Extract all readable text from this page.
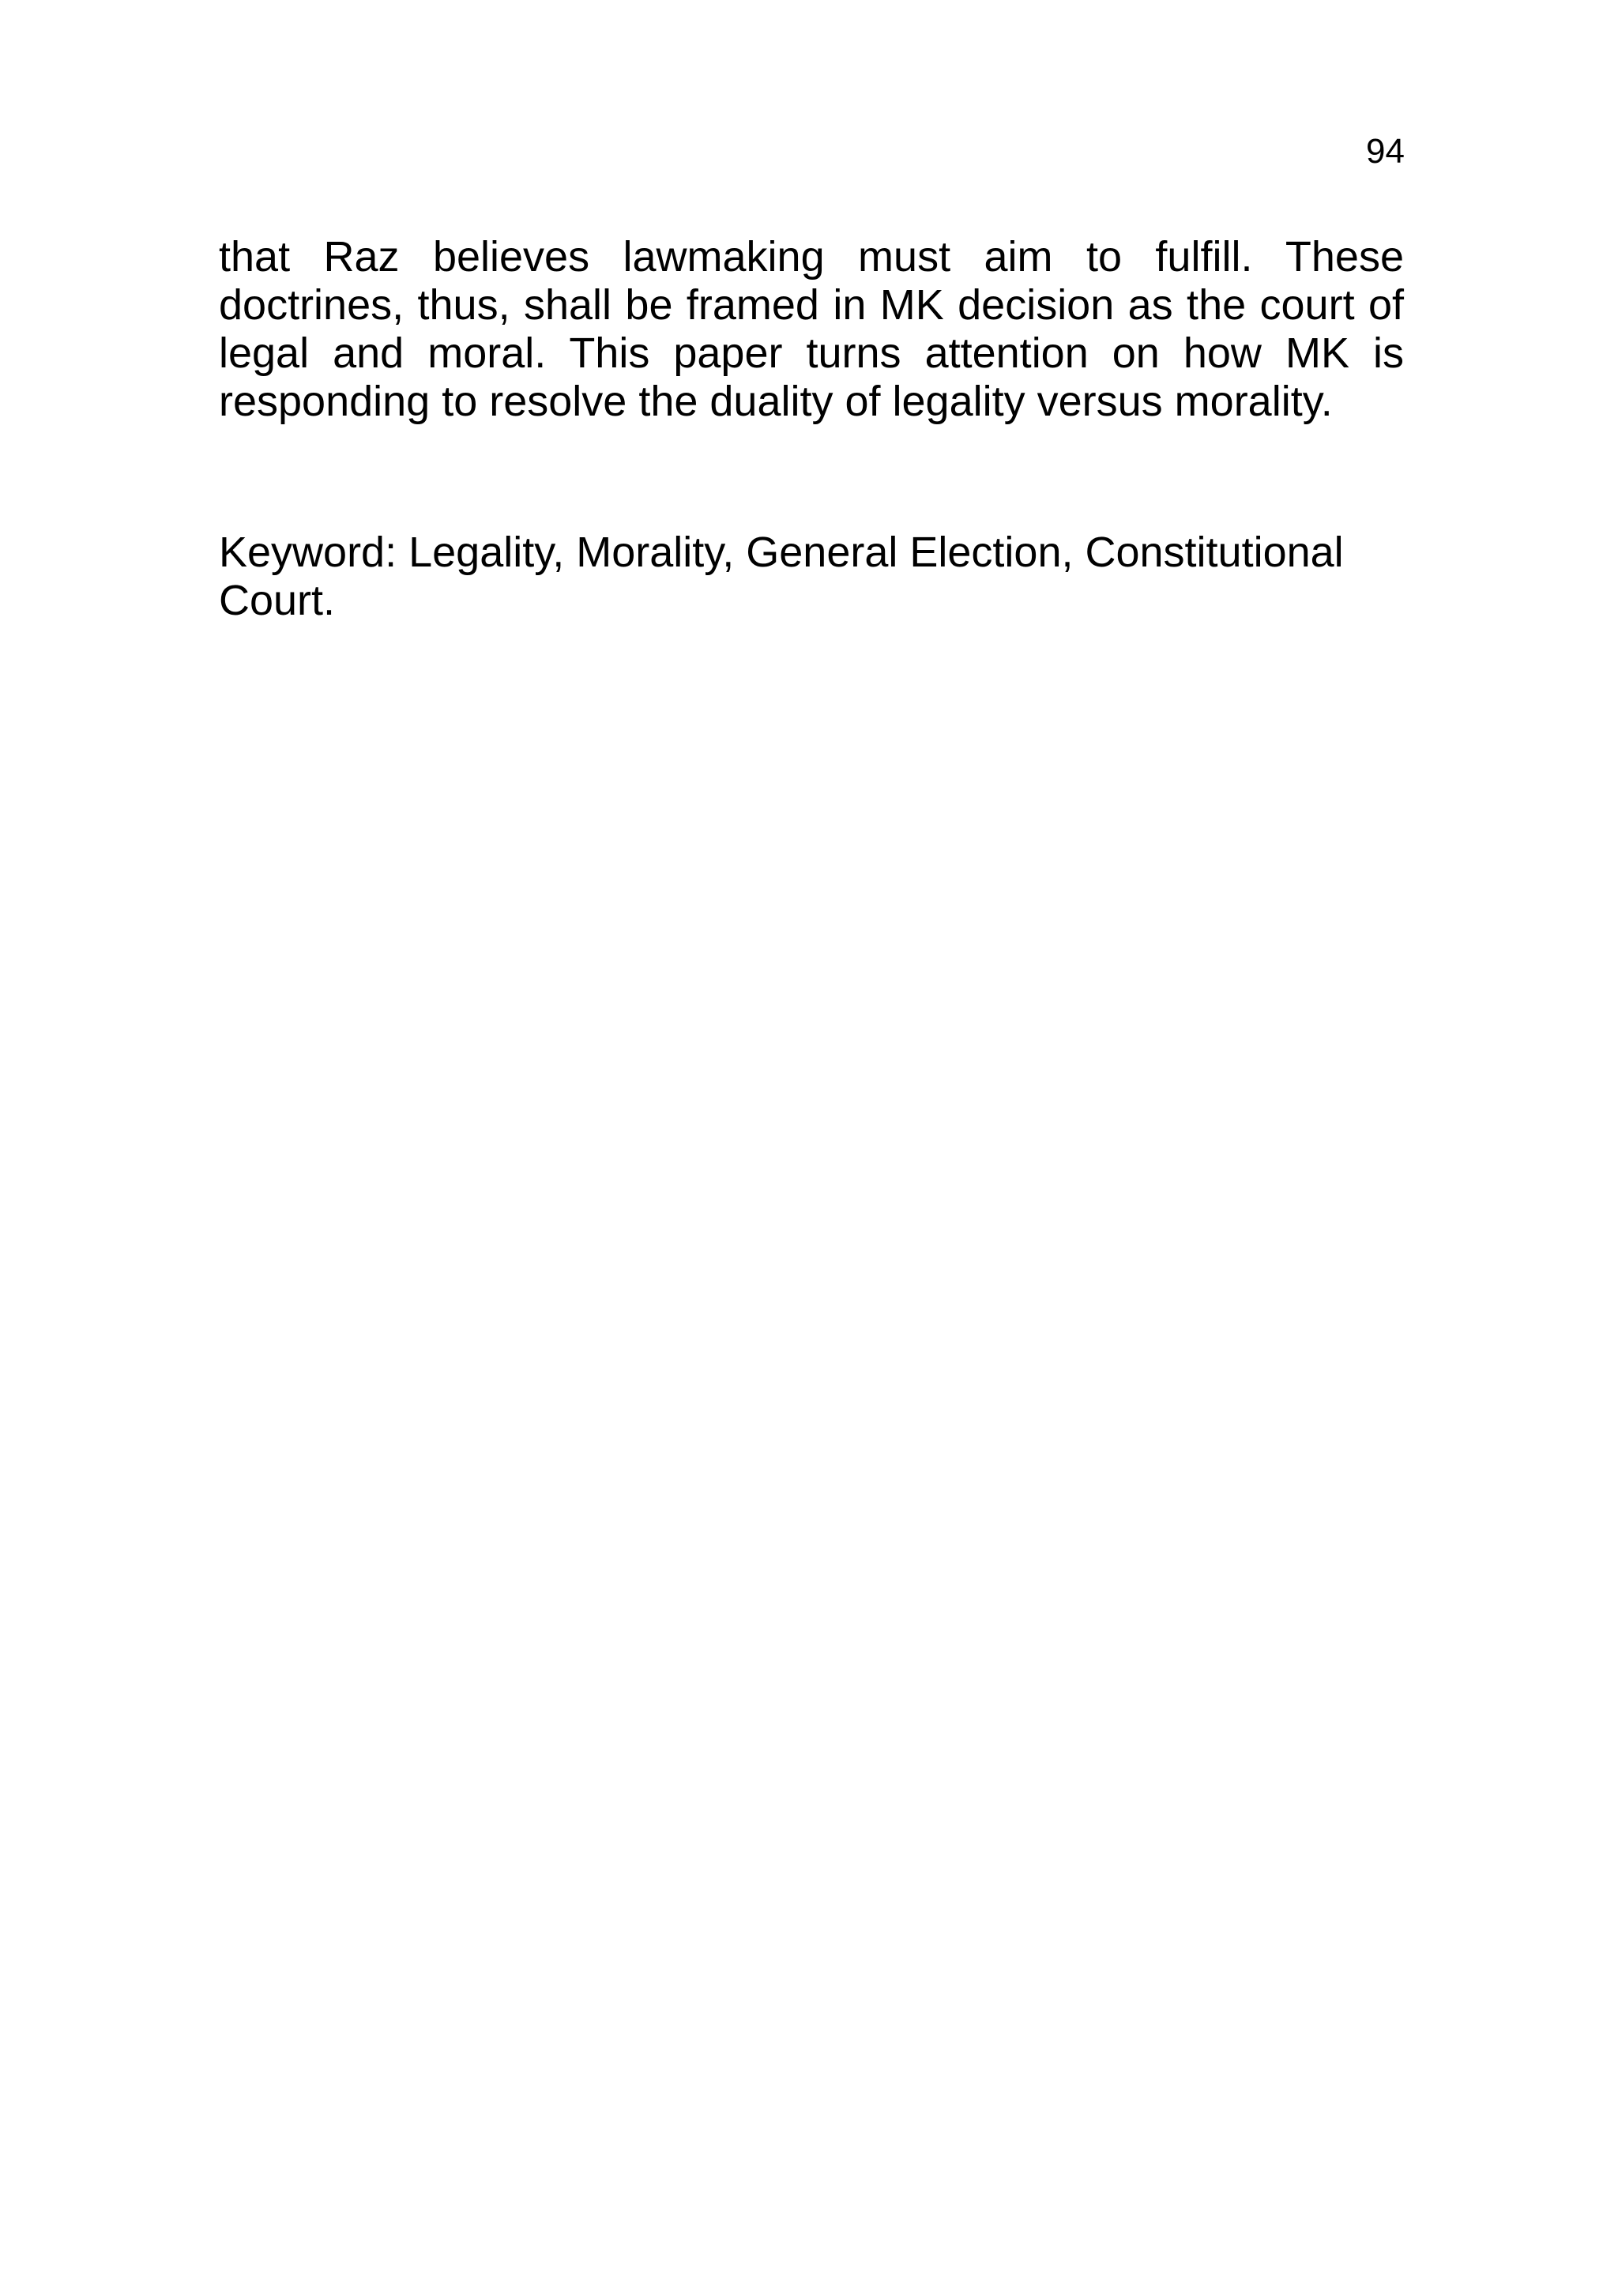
94

that Raz believes lawmaking must aim to fulfill. These doctrines, thus, shall be framed in MK decision as the court of legal and moral. This paper turns attention on how MK is responding to resolve the duality of legality versus morality.

Keyword: Legality, Morality, General Election, Constitutional Court.
